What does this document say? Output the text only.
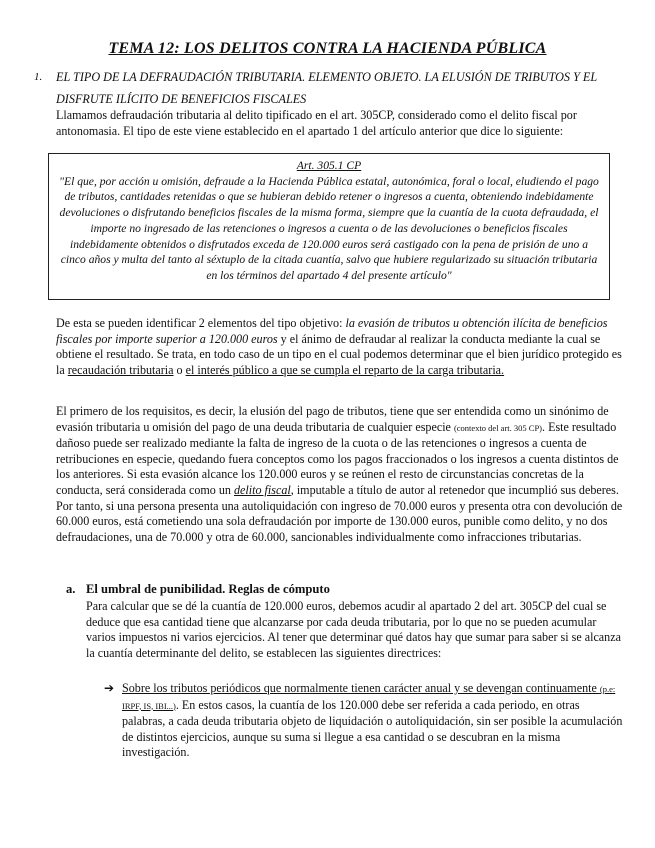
TEMA 12: LOS DELITOS CONTRA LA HACIENDA PÚBLICA
1. EL TIPO DE LA DEFRAUDACIÓN TRIBUTARIA. ELEMENTO OBJETO. LA ELUSIÓN DE TRIBUTOS Y EL DISFRUTE ILÍCITO DE BENEFICIOS FISCALES

Llamamos defraudación tributaria al delito tipificado en el art. 305CP, considerado como el delito fiscal por antonomasia. El tipo de este viene establecido en el apartado 1 del artículo anterior que dice lo siguiente:

Art. 305.1 CP
"El que, por acción u omisión, defraude a la Hacienda Pública estatal, autonómica, foral o local, eludiendo el pago de tributos, cantidades retenidas o que se hubieran debido retener o ingresos a cuenta, obteniendo indebidamente devoluciones o disfrutando beneficios fiscales de la misma forma, siempre que la cuantía de la cuota defraudada, el importe no ingresado de las retenciones o ingresos a cuenta o de las devoluciones o beneficios fiscales indebidamente obtenidos o disfrutados exceda de 120.000 euros será castigado con la pena de prisión de uno a cinco años y multa del tanto al séxtuplo de la citada cuantía, salvo que hubiere regularizado su situación tributaria en los términos del apartado 4 del presente artículo"

De esta se pueden identificar 2 elementos del tipo objetivo: la evasión de tributos u obtención ilícita de beneficios fiscales por importe superior a 120.000 euros y el ánimo de defraudar al realizar la conducta mediante la cual se obtiene el resultado. Se trata, en todo caso de un tipo en el cual podemos determinar que el bien jurídico protegido es la recaudación tributaria o el interés público a que se cumpla el reparto de la carga tributaria.

El primero de los requisitos, es decir, la elusión del pago de tributos, tiene que ser entendida como un sinónimo de evasión tributaria u omisión del pago de una deuda tributaria de cualquier especie (contexto del art. 305 CP). Este resultado dañoso puede ser realizado mediante la falta de ingreso de la cuota o de las retenciones o ingresos a cuenta de retribuciones en especie, quedando fuera conceptos como los pagos fraccionados o los ingresos a cuenta distintos de los anteriores. Si esta evasión alcance los 120.000 euros y se reúnen el resto de circunstancias concretas de la conducta, será considerada como un delito fiscal, imputable a título de autor al retenedor que incumplió sus deberes. Por tanto, si una persona presenta una autoliquidación con ingreso de 70.000 euros y presenta otra con devolución de 60.000 euros, está cometiendo una sola defraudación por importe de 130.000 euros, punible como delito, y no dos defraudaciones, una de 70.000 y otra de 60.000, sancionables individualmente como infracciones tributarias.

a. El umbral de punibilidad. Reglas de cómputo

Para calcular que se dé la cuantía de 120.000 euros, debemos acudir al apartado 2 del art. 305CP del cual se deduce que esa cantidad tiene que alcanzarse por cada deuda tributaria, por lo que no se pueden acumular varios impuestos ni varios ejercicios. Al tener que determinar qué datos hay que sumar para saber si se alcanza la cuantía determinante del delito, se establecen las siguientes directrices:

➔ Sobre los tributos periódicos que normalmente tienen carácter anual y se devengan continuamente (p.e: IRPF, IS, IBI...). En estos casos, la cuantía de los 120.000 debe ser referida a cada periodo, en otras palabras, a cada deuda tributaria objeto de liquidación o autoliquidación, sin ser posible la acumulación de distintos ejercicios, aunque su suma si llegue a esa cantidad o se descubran en la misma investigación.
